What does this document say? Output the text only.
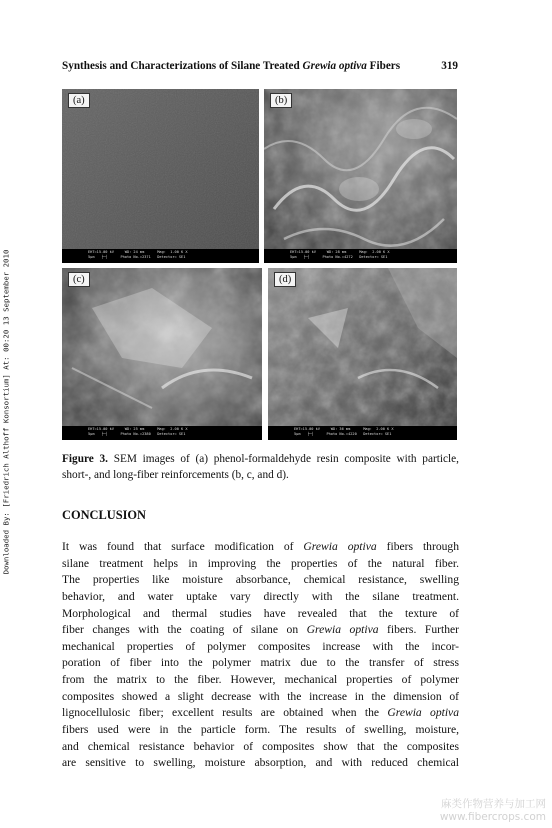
Synthesis and Characterizations of Silane Treated Grewia optiva Fibers	319
Downloaded By: [Friedrich Althoff Konsortium] At: 00:20 13 September 2010
(a)
EHT=15.00 kV     WD: 24 mm      Mag:  1.00 K X
5μm   ├─┤      Photo No.=2371   Detector= SE1
(b)
EHT=15.00 kV     WD: 28 mm      Mag:  2.00 K X
5μm   ├─┤      Photo No.=4272   Detector= SE1
(c)
EHT=15.00 kV     WD: 25 mm      Mag:  2.00 K X
5μm   ├─┤      Photo No.=2380   Detector= SE1
(d)
EHT=15.00 kV     WD: 36 mm      Mag:  2.00 K X
5μm   ├─┤      Photo No.=4220   Detector= SE1
Figure 3. SEM images of (a) phenol-formaldehyde resin composite with particle, short-, and long-fiber reinforcements (b, c, and d).
CONCLUSION
It was found that surface modification of Grewia optiva fibers through
silane treatment helps in improving the properties of the natural fiber.
The properties like moisture absorbance, chemical resistance, swelling
behavior, and water uptake vary directly with the silane treatment.
Morphological and thermal studies have revealed that the texture of
fiber changes with the coating of silane on Grewia optiva fibers. Further
mechanical properties of polymer composites increase with the incor-
poration of fiber into the polymer matrix due to the transfer of stress
from the matrix to the fiber. However, mechanical properties of polymer
composites showed a slight decrease with the increase in the dimension of
lignocellulosic fiber; excellent results are obtained when the Grewia optiva
fibers used were in the particle form. The results of swelling, moisture,
and chemical resistance behavior of composites show that the composites
are sensitive to swelling, moisture absorption, and with reduced chemical
麻类作物营养与加工网
www.fibercrops.com
